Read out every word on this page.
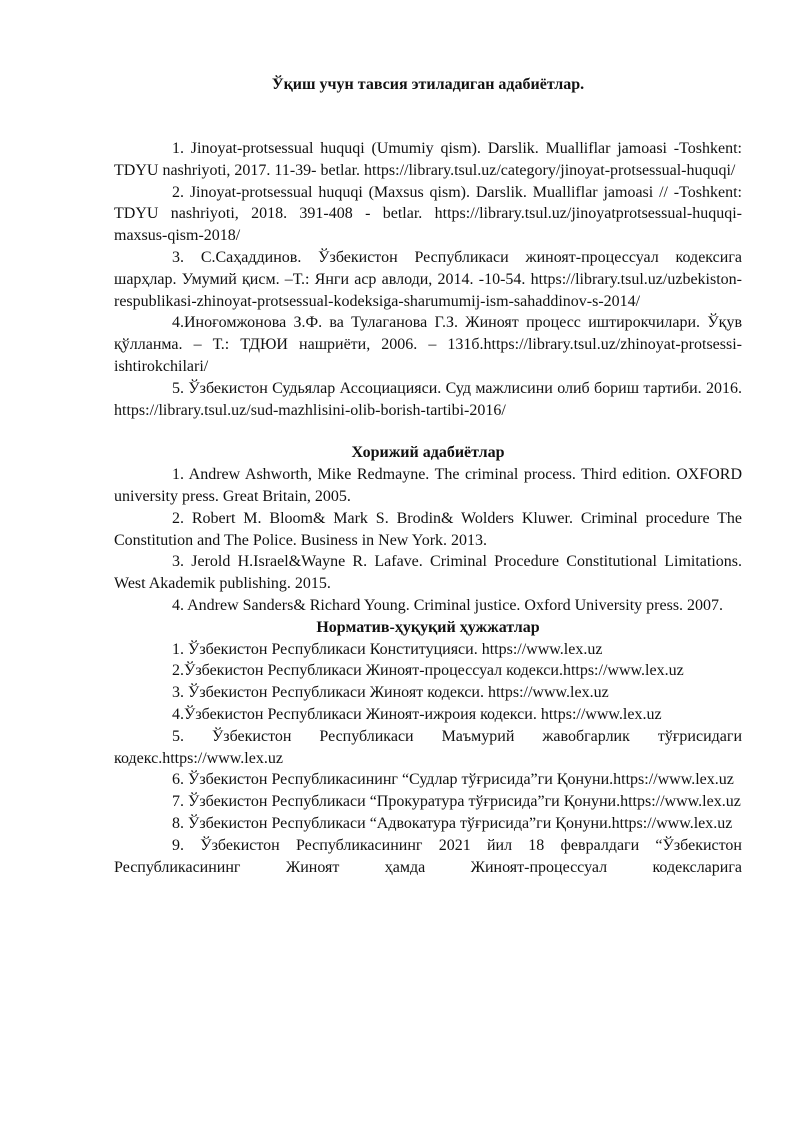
Ўқиш учун тавсия этиладиган адабиётлар.

1. Jinoyat-protsessual huquqi (Umumiy qism). Darslik. Mualliflar jamoasi -Toshkent: TDYU nashriyoti, 2017. 11-39- betlar. https://library.tsul.uz/category/jinoyat-protsessual-huquqi/

2. Jinoyat-protsessual huquqi (Maxsus qism). Darslik. Mualliflar jamoasi // -Toshkent: TDYU nashriyoti, 2018. 391-408 - betlar. https://library.tsul.uz/jinoyatprotsessual-huquqi-maxsus-qism-2018/

3. С.Саҳаддинов. Ўзбекистон Республикаси жиноят-процессуал кодексига шарҳлар. Умумий қисм. –Т.: Янги аср авлоди, 2014. -10-54. https://library.tsul.uz/uzbekiston-respublikasi-zhinoyat-protsessual-kodeksiga-sharumumij-ism-sahaddinov-s-2014/

4.Иноғомжонова З.Ф. ва Тулаганова Г.З. Жиноят процесс иштирокчилари. Ўқув қўлланма. – Т.: ТДЮИ нашриёти, 2006. – 131б.https://library.tsul.uz/zhinoyat-protsessi-ishtirokchilari/

5. Ўзбекистон Судьялар Ассоциацияси. Суд мажлисини олиб бориш тартиби. 2016. https://library.tsul.uz/sud-mazhlisini-olib-borish-tartibi-2016/

Хорижий адабиётлар

1. Andrew Ashworth, Mike Redmayne. The criminal process. Third edition. OXFORD university press. Great Britain, 2005.

2. Robert M. Bloom& Mark S. Brodin& Wolders Kluwer. Criminal procedure The Constitution and The Police. Business in New York. 2013.

3. Jerold H.Israel&Wayne R. Lafave. Criminal Procedure Constitutional Limitations. West Akademik publishing. 2015.

4. Andrew Sanders& Richard Young. Criminal justice. Oxford University press. 2007.

Норматив-ҳуқуқий ҳужжатлар

1. Ўзбекистон Республикаси Конституцияси. https://www.lex.uz

2.Ўзбекистон Республикаси Жиноят-процессуал кодекси.https://www.lex.uz

3. Ўзбекистон Республикаси Жиноят кодекси. https://www.lex.uz

4.Ўзбекистон Республикаси Жиноят-ижроия кодекси. https://www.lex.uz

5. Ўзбекистон Республикаси Маъмурий жавобгарлик тўғрисидаги кодекс.https://www.lex.uz

6. Ўзбекистон Республикасининг “Судлар тўғрисида”ги Қонуни.https://www.lex.uz

7. Ўзбекистон Республикаси “Прокуратура тўғрисида”ги Қонуни.https://www.lex.uz

8. Ўзбекистон Республикаси “Адвокатура тўғрисида”ги Қонуни.https://www.lex.uz

9. Ўзбекистон Республикасининг 2021 йил 18 февралдаги “Ўзбекистон Республикасининг Жиноят ҳамда Жиноят-процессуал кодексларига
